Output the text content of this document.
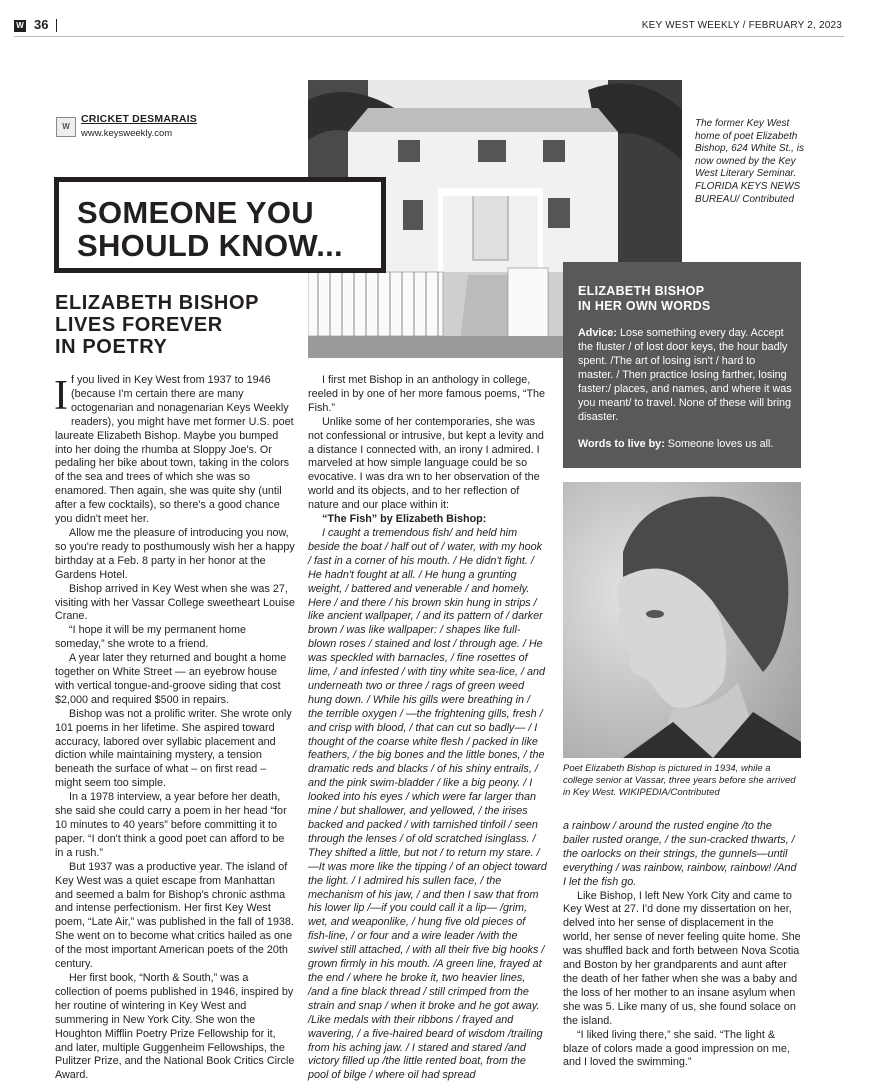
W 36	KEY WEST WEEKLY / FEBRUARY 2, 2023
W
CRICKET DESMARAIS
www.keysweekly.com
The former Key West home of poet Elizabeth Bishop, 624 White St., is now owned by the Key West Literary Seminar. FLORIDA KEYS NEWS BUREAU/ Contributed
SOMEONE YOU
SHOULD KNOW...
ELIZABETH BISHOP
LIVES FOREVER
IN POETRY
ELIZABETH BISHOP
IN HER OWN WORDS
Advice: Lose something every day. Accept the fluster / of lost door keys, the hour badly spent. /The art of losing isn't / hard to master. / Then practice losing farther, losing faster:/ places, and names, and where it was you meant/ to travel. None of these will bring disaster.
Words to live by: Someone loves us all.
Poet Elizabeth Bishop is pictured in 1934, while a college senior at Vassar, three years before she arrived in Key West. WIKIPEDIA/Contributed

If you lived in Key West from 1937 to 1946 (because I'm certain there are many octogenarian and nonagenarian Keys Weekly readers), you might have met former U.S. poet laureate Elizabeth Bishop. Maybe you bumped into her doing the rhumba at Sloppy Joe's. Or pedaling her bike about town, taking in the colors of the sea and trees of which she was so enamored. Then again, she was quite shy (until after a few cocktails), so there's a good chance you didn't meet her.

Allow me the pleasure of introducing you now, so you're ready to posthumously wish her a happy birthday at a Feb. 8 party in her honor at the Gardens Hotel.

Bishop arrived in Key West when she was 27, visiting with her Vassar College sweetheart Louise Crane.

“I hope it will be my permanent home someday,” she wrote to a friend.

A year later they returned and bought a home together on White Street — an eyebrow house with vertical tongue-and-groove siding that cost $2,000 and required $500 in repairs.

Bishop was not a prolific writer. She wrote only 101 poems in her lifetime. She aspired toward accuracy, labored over syllabic placement and diction while maintaining mystery, a tension beneath the surface of what – on first read – might seem too simple.

In a 1978 interview, a year before her death, she said she could carry a poem in her head “for 10 minutes to 40 years” before committing it to paper. “I don't think a good poet can afford to be in a rush.”

But 1937 was a productive year. The island of Key West was a quiet escape from Manhattan and seemed a balm for Bishop's chronic asthma and intense perfectionism. Her first Key West poem, “Late Air,” was published in the fall of 1938. She went on to become what critics hailed as one of the most important American poets of the 20th century.

Her first book, “North & South,” was a collection of poems published in 1946, inspired by her routine of wintering in Key West and summering in New York City. She won the Houghton Mifflin Poetry Prize Fellowship for it, and later, multiple Guggenheim Fellowships, the Pulitzer Prize, and the National Book Critics Circle Award.

I first met Bishop in an anthology in college, reeled in by one of her more famous poems, “The Fish.”

Unlike some of her contemporaries, she was not confessional or intrusive, but kept a levity and a distance I connected with, an irony I admired. I marveled at how simple language could be so evocative. I was dra wn to her observation of the world and its objects, and to her reflection of nature and our place within it:

“The Fish” by Elizabeth Bishop:

I caught a tremendous fish/ and held him beside the boat / half out of / water, with my hook / fast in a corner of his mouth. / He didn't fight. / He hadn't fought at all. / He hung a grunting weight, / battered and venerable / and homely. Here / and there / his brown skin hung in strips / like ancient wallpaper, / and its pattern of / darker brown / was like wallpaper: / shapes like full-blown roses / stained and lost / through age. / He was speckled with barnacles, / fine rosettes of lime, / and infested / with tiny white sea-lice, / and underneath two or three / rags of green weed hung down. / While his gills were breathing in / the terrible oxygen / —the frightening gills, fresh / and crisp with blood, / that can cut so badly— / I thought of the coarse white flesh / packed in like feathers, / the big bones and the little bones, / the dramatic reds and blacks / of his shiny entrails, / and the pink swim-bladder / like a big peony. / I looked into his eyes / which were far larger than mine / but shallower, and yellowed, / the irises backed and packed / with tarnished tinfoil / seen through the lenses / of old scratched isinglass. / They shifted a little, but not / to return my stare. / —It was more like the tipping / of an object toward the light. / I admired his sullen face, / the mechanism of his jaw, / and then I saw that from his lower lip /—if you could call it a lip— /grim, wet, and weaponlike, / hung five old pieces of fish-line, / or four and a wire leader /with the swivel still attached, / with all their five big hooks / grown firmly in his mouth. /A green line, frayed at the end / where he broke it, two heavier lines, /and a fine black thread / still crimped from the strain and snap / when it broke and he got away. /Like medals with their ribbons / frayed and wavering, / a five-haired beard of wisdom /trailing from his aching jaw. / I stared and stared /and victory filled up /the little rented boat, from the pool of bilge / where oil had spread

a rainbow / around the rusted engine /to the bailer rusted orange, / the sun-cracked thwarts, / the oarlocks on their strings, the gunnels—until everything / was rainbow, rainbow, rainbow! /And I let the fish go.

Like Bishop, I left New York City and came to Key West at 27. I'd done my dissertation on her, delved into her sense of displacement in the world, her sense of never feeling quite home. She was shuffled back and forth between Nova Scotia and Boston by her grandparents and aunt after the death of her father when she was a baby and the loss of her mother to an insane asylum when she was 5. Like many of us, she found solace on the island.

“I liked living there,” she said. “The light & blaze of colors made a good impression on me, and I loved the swimming.”
